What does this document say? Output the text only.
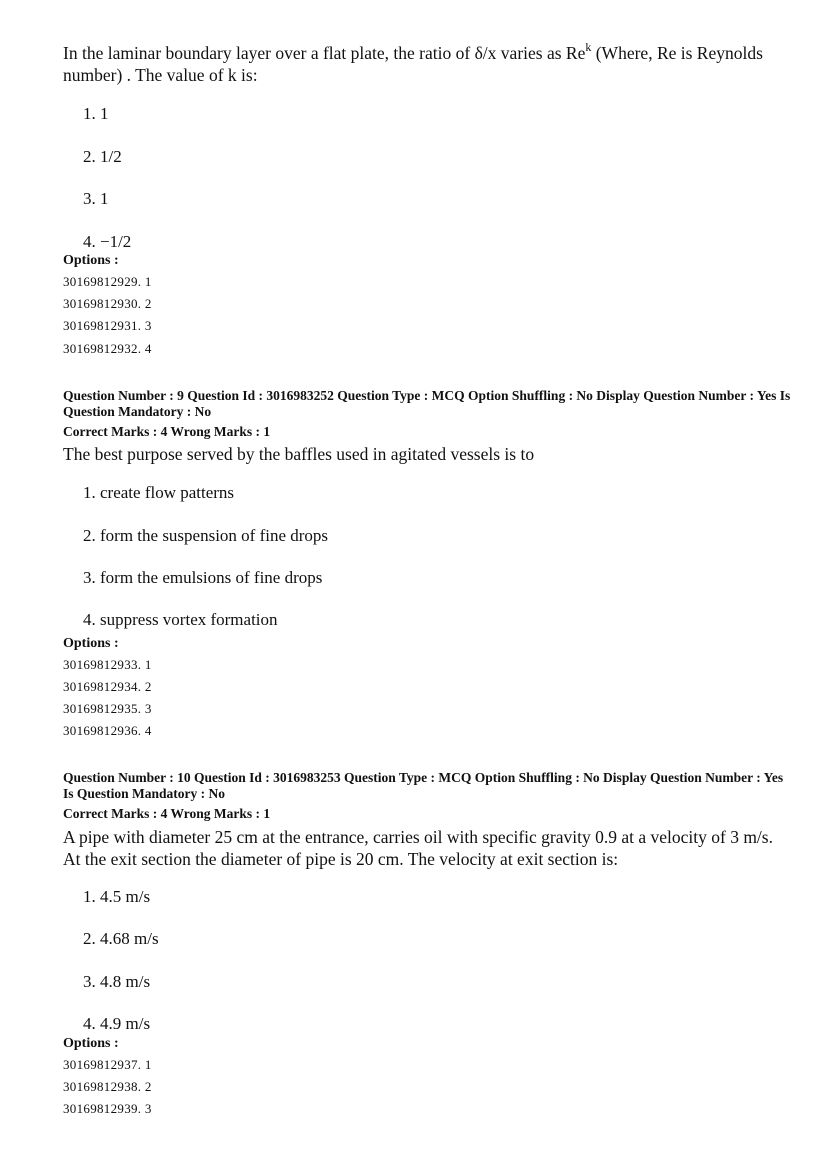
In the laminar boundary layer over a flat plate, the ratio of δ/x varies as Re$^k$ (Where, Re is Reynolds number) . The value of k is:
1. 1
2. 1/2
3. 1
4. −1/2
Options :
30169812929. 1
30169812930. 2
30169812931. 3
30169812932. 4
Question Number : 9 Question Id : 3016983252 Question Type : MCQ Option Shuffling : No Display Question Number : Yes Is Question Mandatory : No
Correct Marks : 4 Wrong Marks : 1
The best purpose served by the baffles used in agitated vessels is to
1. create flow patterns
2. form the suspension of fine drops
3. form the emulsions of fine drops
4. suppress vortex formation
Options :
30169812933. 1
30169812934. 2
30169812935. 3
30169812936. 4
Question Number : 10 Question Id : 3016983253 Question Type : MCQ Option Shuffling : No Display Question Number : Yes Is Question Mandatory : No
Correct Marks : 4 Wrong Marks : 1
A pipe with diameter 25 cm at the entrance, carries oil with specific gravity 0.9 at a velocity of 3 m/s. At the exit section the diameter of pipe is 20 cm. The velocity at exit section is:
1. 4.5 m/s
2. 4.68 m/s
3. 4.8 m/s
4. 4.9 m/s
Options :
30169812937. 1
30169812938. 2
30169812939. 3
